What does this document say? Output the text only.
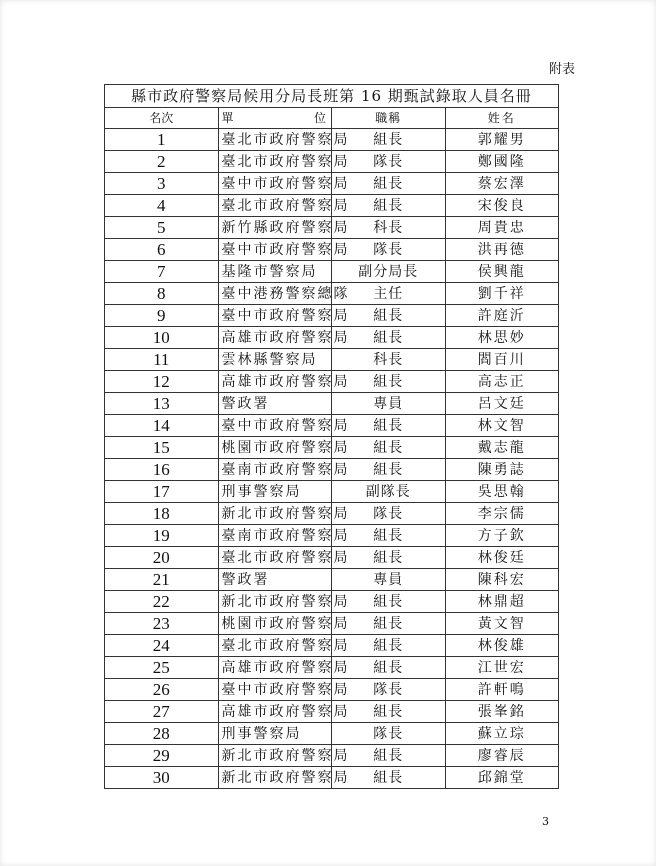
附表
縣市政府警察局候用分局長班第 16 期甄試錄取人員名冊			
名次	單 位	職稱	姓名
1	臺北市政府警察局	組長	郭耀男
2	臺北市政府警察局	隊長	鄭國隆
3	臺中市政府警察局	組長	蔡宏澤
4	臺北市政府警察局	組長	宋俊良
5	新竹縣政府警察局	科長	周貴忠
6	臺中市政府警察局	隊長	洪再德
7	基隆市警察局	副分局長	侯興龍
8	臺中港務警察總隊	主任	劉千祥
9	臺中市政府警察局	組長	許庭沂
10	高雄市政府警察局	組長	林思妙
11	雲林縣警察局	科長	閻百川
12	高雄市政府警察局	組長	高志正
13	警政署	專員	呂文廷
14	臺中市政府警察局	組長	林文智
15	桃園市政府警察局	組長	戴志龍
16	臺南市政府警察局	組長	陳勇誌
17	刑事警察局	副隊長	吳思翰
18	新北市政府警察局	隊長	李宗儒
19	臺南市政府警察局	組長	方子欽
20	臺北市政府警察局	組長	林俊廷
21	警政署	專員	陳科宏
22	新北市政府警察局	組長	林鼎超
23	桃園市政府警察局	組長	黃文智
24	臺北市政府警察局	組長	林俊雄
25	高雄市政府警察局	組長	江世宏
26	臺中市政府警察局	隊長	許軒鳴
27	高雄市政府警察局	組長	張峯銘
28	刑事警察局	隊長	蘇立琮
29	新北市政府警察局	組長	廖睿辰
30	新北市政府警察局	組長	邱錦堂
3
